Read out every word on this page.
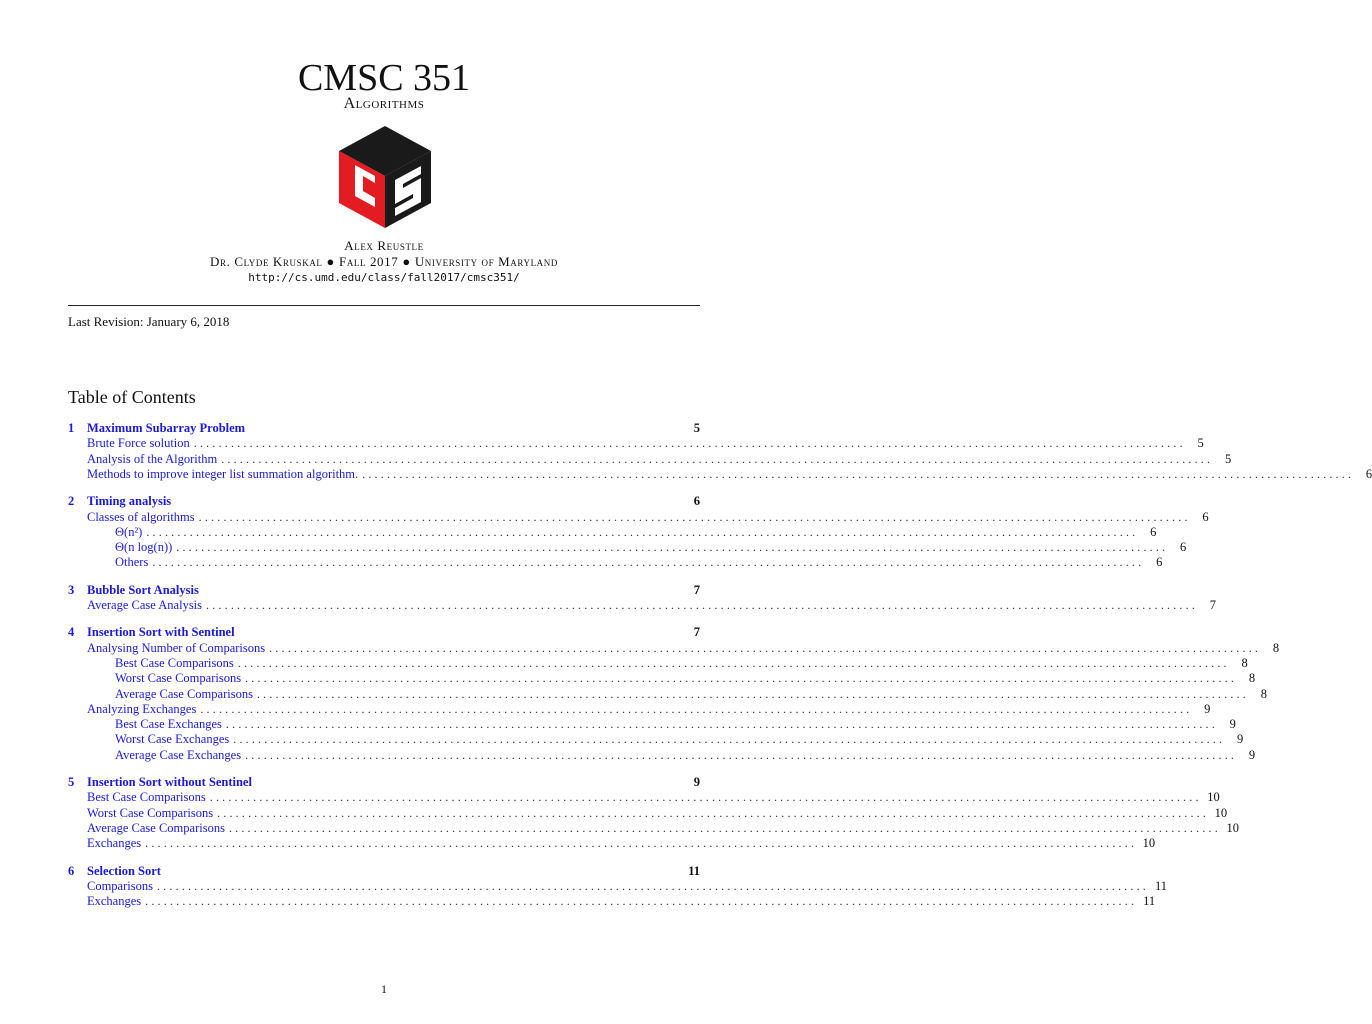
CMSC 351
Algorithms
Alex Reustle
Dr. Clyde Kruskal ● Fall 2017 ● University of Maryland
http://cs.umd.edu/class/fall2017/cmsc351/
Last Revision: January 6, 2018
Table of Contents
1	Maximum Subarray Problem	5
Brute Force solution ................................................................................................................................................................ 5
Analysis of the Algorithm ................................................................................................................................................................ 5
Methods to improve integer list summation algorithm. ................................................................................................................................................................ 6
2	Timing analysis	6
Classes of algorithms ................................................................................................................................................................ 6
Θ(n²) ................................................................................................................................................................ 6
Θ(n log(n)) ................................................................................................................................................................ 6
Others ................................................................................................................................................................ 6
3	Bubble Sort Analysis	7
Average Case Analysis ................................................................................................................................................................ 7
4	Insertion Sort with Sentinel	7
Analysing Number of Comparisons ................................................................................................................................................................ 8
Best Case Comparisons ................................................................................................................................................................ 8
Worst Case Comparisons ................................................................................................................................................................ 8
Average Case Comparisons ................................................................................................................................................................ 8
Analyzing Exchanges ................................................................................................................................................................ 9
Best Case Exchanges ................................................................................................................................................................ 9
Worst Case Exchanges ................................................................................................................................................................ 9
Average Case Exchanges ................................................................................................................................................................ 9
5	Insertion Sort without Sentinel	9
Best Case Comparisons ................................................................................................................................................................ 10
Worst Case Comparisons ................................................................................................................................................................ 10
Average Case Comparisons ................................................................................................................................................................ 10
Exchanges ................................................................................................................................................................ 10
6	Selection Sort	11
Comparisons ................................................................................................................................................................ 11
Exchanges ................................................................................................................................................................ 11
1
